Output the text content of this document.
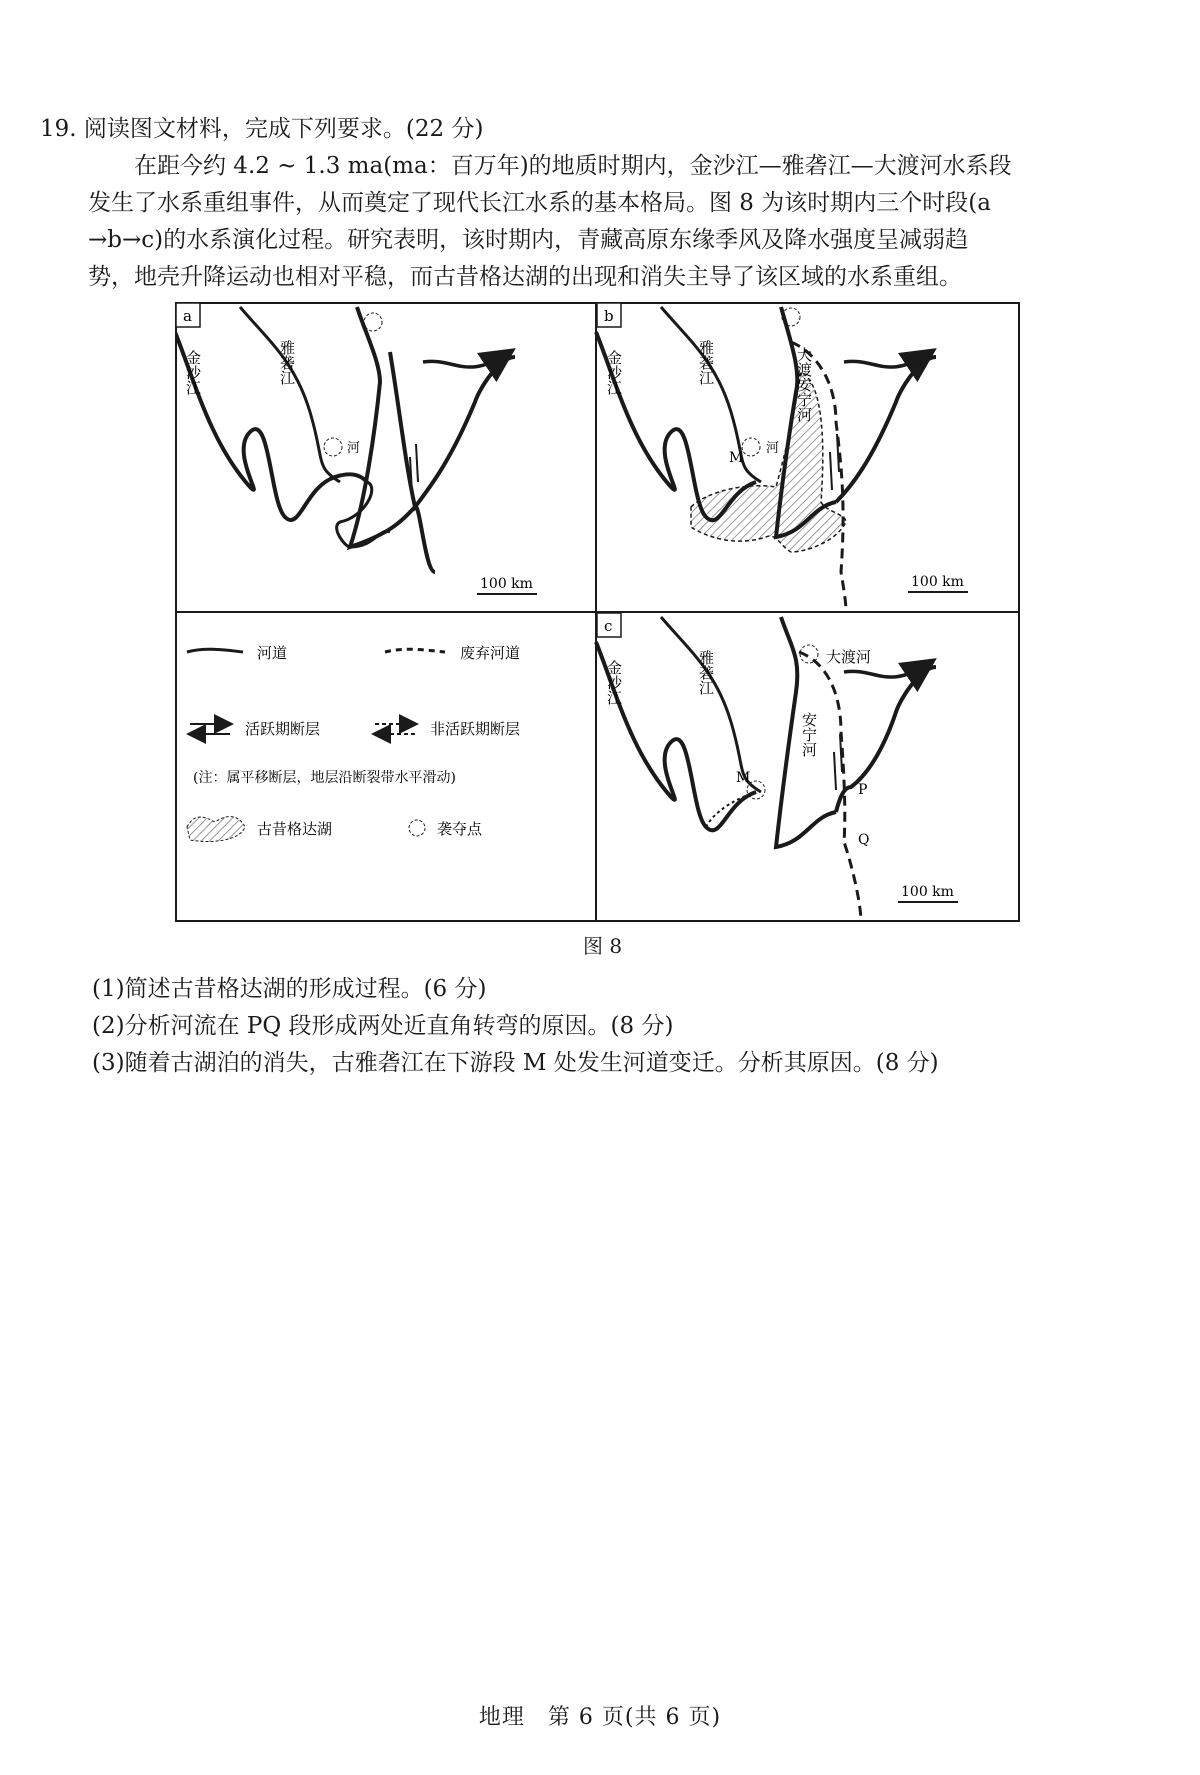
19. 阅读图文材料，完成下列要求。(22 分)
在距今约 4.2 ~ 1.3 ma(ma：百万年)的地质时期内，金沙江—雅砻江—大渡河水系段
发生了水系重组事件，从而奠定了现代长江水系的基本格局。图 8 为该时期内三个时段(a
→b→c)的水系演化过程。研究表明，该时期内，青藏高原东缘季风及降水强度呈减弱趋
势，地壳升降运动也相对平稳，而古昔格达湖的出现和消失主导了该区域的水系重组。
a
金沙江	雅砻江
河
100 km
b
金沙江	雅砻江	大渡安宁河
M
河
100 km
河道	废弃河道
活跃期断层	非活跃期断层
(注：属平移断层，地层沿断裂带水平滑动)
古昔格达湖	袭夺点
c
大渡河
金沙江	雅砻江
安宁河
M
P
Q
100 km
图 8
(1)简述古昔格达湖的形成过程。(6 分)
(2)分析河流在 PQ 段形成两处近直角转弯的原因。(8 分)
(3)随着古湖泊的消失，古雅砻江在下游段 M 处发生河道变迁。分析其原因。(8 分)
地理　第 6 页(共 6 页)
